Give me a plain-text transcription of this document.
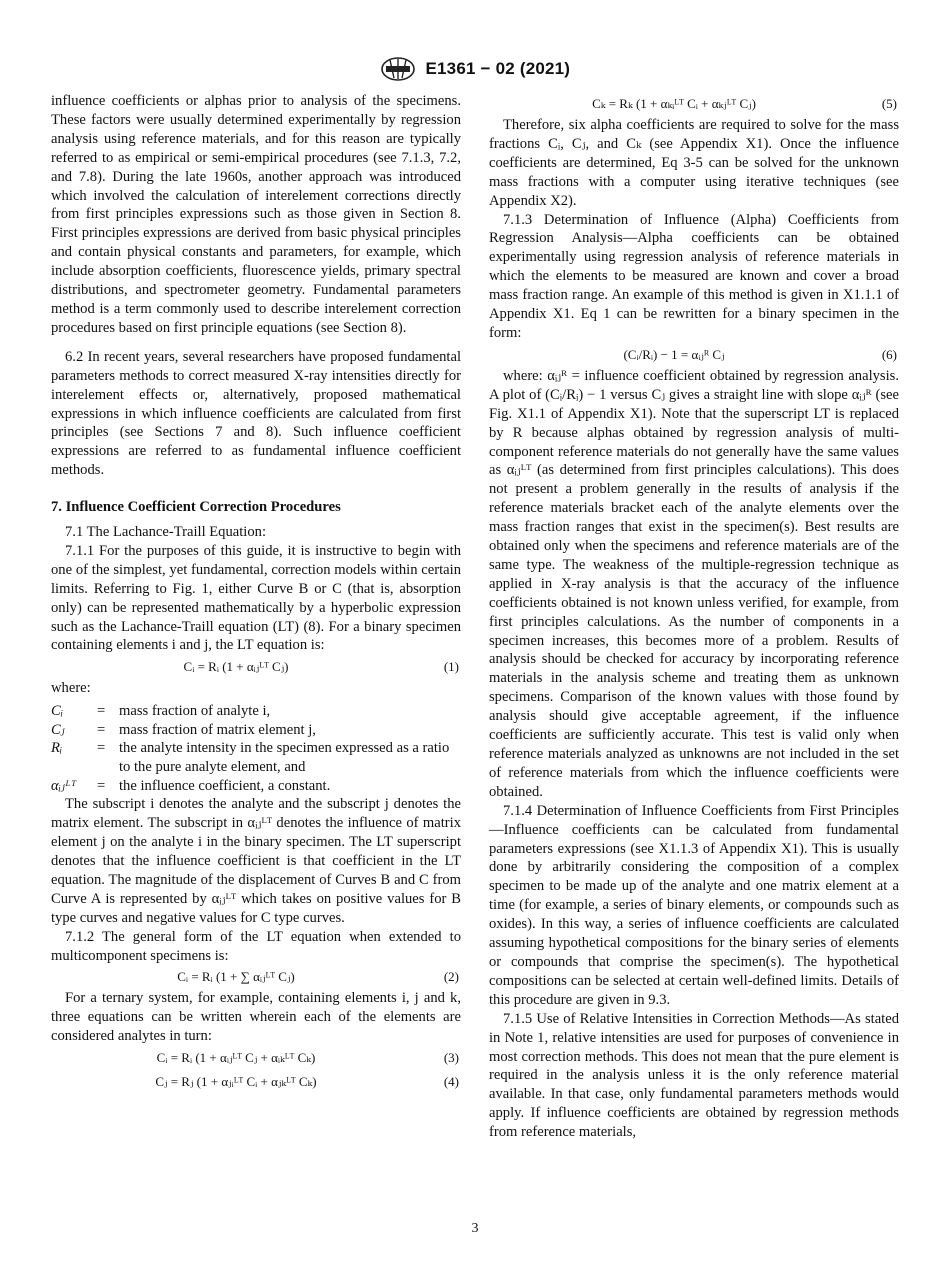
E1361 − 02 (2021)

influence coefficients or alphas prior to analysis of the specimens. These factors were usually determined experimentally by regression analysis using reference materials, and for this reason are typically referred to as empirical or semi-empirical procedures (see 7.1.3, 7.2, and 7.8). During the late 1960s, another approach was introduced which involved the calculation of interelement corrections directly from first principles expressions such as those given in Section 8. First principles expressions are derived from basic physical principles and contain physical constants and parameters, for example, which include absorption coefficients, fluorescence yields, primary spectral distributions, and spectrometer geometry. Fundamental parameters method is a term commonly used to describe interelement correction procedures based on first principle equations (see Section 8).

6.2 In recent years, several researchers have proposed fundamental parameters methods to correct measured X-ray intensities directly for interelement effects or, alternatively, proposed mathematical expressions in which influence coefficients are calculated from first principles (see Sections 7 and 8). Such influence coefficient expressions are referred to as fundamental influence coefficient methods.

7. Influence Coefficient Correction Procedures

7.1 The Lachance-Traill Equation:

7.1.1 For the purposes of this guide, it is instructive to begin with one of the simplest, yet fundamental, correction models within certain limits. Referring to Fig. 1, either Curve B or C (that is, absorption only) can be represented mathematically by a hyperbolic expression such as the Lachance-Traill equation (LT) (8). For a binary specimen containing elements i and j, the LT equation is:

Cᵢ = Rᵢ (1 + αᵢⱼᴸᵀ Cⱼ)	(1)

where:

Cᵢ	= mass fraction of analyte i,
Cⱼ	= mass fraction of matrix element j,
Rᵢ	= the analyte intensity in the specimen expressed as a ratio to the pure analyte element, and
αᵢⱼᴸᵀ	= the influence coefficient, a constant.

The subscript i denotes the analyte and the subscript j denotes the matrix element. The subscript in αᵢⱼᴸᵀ denotes the influence of matrix element j on the analyte i in the binary specimen. The LT superscript denotes that the influence coefficient is that coefficient in the LT equation. The magnitude of the displacement of Curves B and C from Curve A is represented by αᵢⱼᴸᵀ which takes on positive values for B type curves and negative values for C type curves.

7.1.2 The general form of the LT equation when extended to multicomponent specimens is:

Cᵢ = Rᵢ (1 + ∑ αᵢⱼᴸᵀ Cⱼ)	(2)

For a ternary system, for example, containing elements i, j and k, three equations can be written wherein each of the elements are considered analytes in turn:

Cᵢ = Rᵢ (1 + αᵢⱼᴸᵀ Cⱼ + αᵢₖᴸᵀ Cₖ)	(3)
Cⱼ = Rⱼ (1 + αⱼᵢᴸᵀ Cᵢ + αⱼₖᴸᵀ Cₖ)	(4)
Cₖ = Rₖ (1 + αₖᵢᴸᵀ Cᵢ + αₖⱼᴸᵀ Cⱼ)	(5)

Therefore, six alpha coefficients are required to solve for the mass fractions Cᵢ, Cⱼ, and Cₖ (see Appendix X1). Once the influence coefficients are determined, Eq 3-5 can be solved for the unknown mass fractions with a computer using iterative techniques (see Appendix X2).

7.1.3 Determination of Influence (Alpha) Coefficients from Regression Analysis—Alpha coefficients can be obtained experimentally using regression analysis of reference materials in which the elements to be measured are known and cover a broad mass fraction range. An example of this method is given in X1.1.1 of Appendix X1. Eq 1 can be rewritten for a binary specimen in the form:

(Cᵢ/Rᵢ) − 1 = αᵢⱼᴿ Cⱼ	(6)

where: αᵢⱼᴿ = influence coefficient obtained by regression analysis. A plot of (Cᵢ/Rᵢ) − 1 versus Cⱼ gives a straight line with slope αᵢⱼᴿ (see Fig. X1.1 of Appendix X1). Note that the superscript LT is replaced by R because alphas obtained by regression analysis of multi-component reference materials do not generally have the same values as αᵢⱼᴸᵀ (as determined from first principles calculations). This does not present a problem generally in the results of analysis if the reference materials bracket each of the analyte elements over the mass fraction ranges that exist in the specimen(s). Best results are obtained only when the specimens and reference materials are of the same type. The weakness of the multiple-regression technique as applied in X-ray analysis is that the accuracy of the influence coefficients obtained is not known unless verified, for example, from first principles calculations. As the number of components in a specimen increases, this becomes more of a problem. Results of analysis should be checked for accuracy by incorporating reference materials in the analysis scheme and treating them as unknown specimens. Comparison of the known values with those found by analysis should give acceptable agreement, if the influence coefficients are sufficiently accurate. This test is valid only when reference materials analyzed as unknowns are not included in the set of reference materials from which the influence coefficients were obtained.

7.1.4 Determination of Influence Coefficients from First Principles—Influence coefficients can be calculated from fundamental parameters expressions (see X1.1.3 of Appendix X1). This is usually done by arbitrarily considering the composition of a complex specimen to be made up of the analyte and one matrix element at a time (for example, a series of binary elements, or compounds such as oxides). In this way, a series of influence coefficients are calculated assuming hypothetical compositions for the binary series of elements or compounds that comprise the specimen(s). The hypothetical compositions can be selected at certain well-defined limits. Details of this procedure are given in 9.3.

7.1.5 Use of Relative Intensities in Correction Methods—As stated in Note 1, relative intensities are used for purposes of convenience in most correction methods. This does not mean that the pure element is required in the analysis unless it is the only reference material available. In that case, only fundamental parameters methods would apply. If influence coefficients are obtained by regression methods from reference materials,

3
